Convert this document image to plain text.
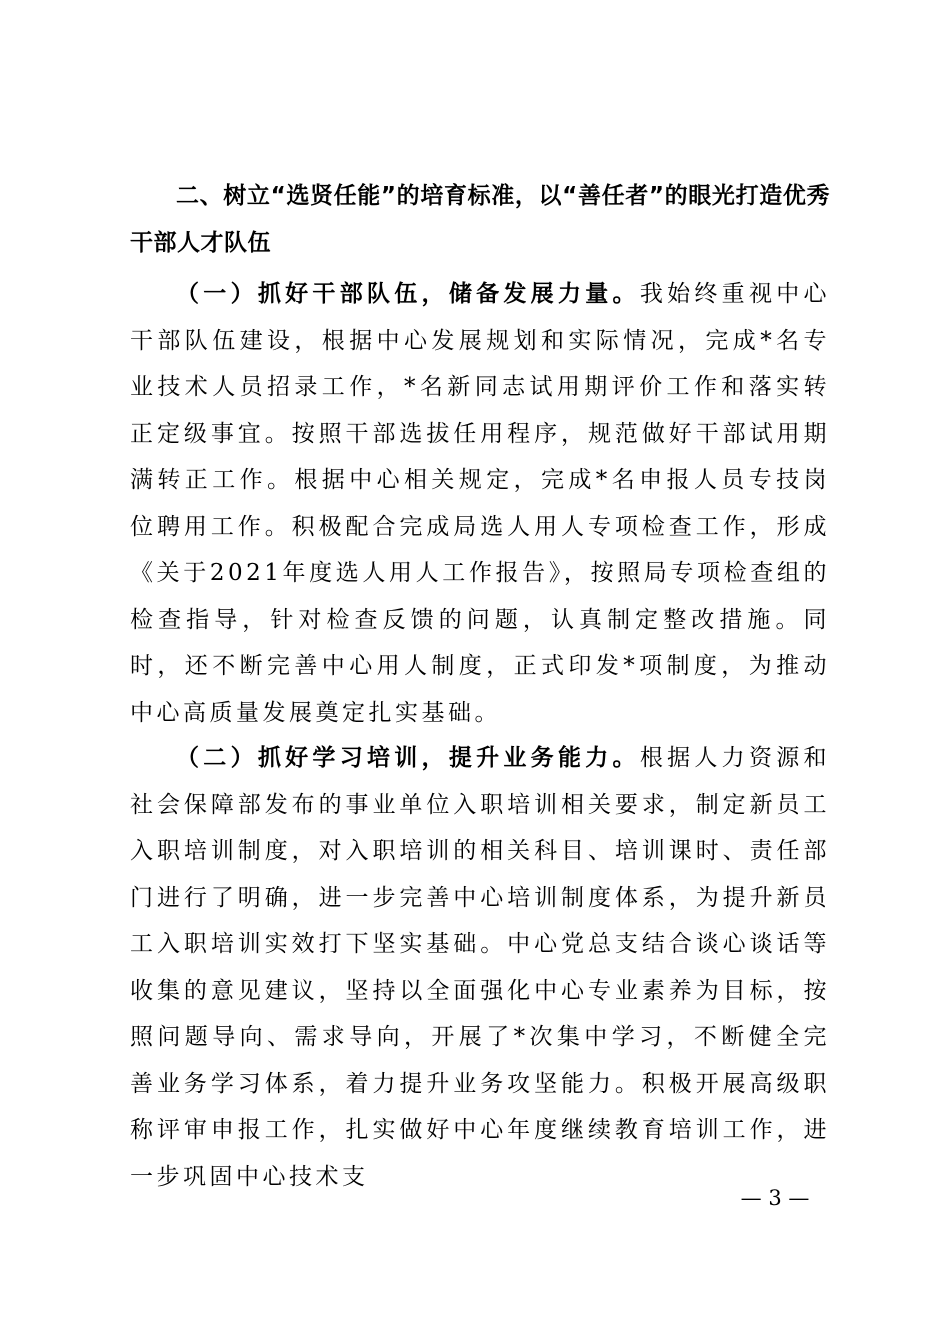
二、树立“选贤任能”的培育标准，以“善任者”的眼光打造优秀干部人才队伍
（一）抓好干部队伍，储备发展力量。我始终重视中心干部队伍建设，根据中心发展规划和实际情况，完成*名专业技术人员招录工作，*名新同志试用期评价工作和落实转正定级事宜。按照干部选拔任用程序，规范做好干部试用期满转正工作。根据中心相关规定，完成*名申报人员专技岗位聘用工作。积极配合完成局选人用人专项检查工作，形成《关于2021年度选人用人工作报告》，按照局专项检查组的检查指导，针对检查反馈的问题，认真制定整改措施。同时，还不断完善中心用人制度，正式印发*项制度，为推动中心高质量发展奠定扎实基础。
（二）抓好学习培训，提升业务能力。根据人力资源和社会保障部发布的事业单位入职培训相关要求，制定新员工入职培训制度，对入职培训的相关科目、培训课时、责任部门进行了明确，进一步完善中心培训制度体系，为提升新员工入职培训实效打下坚实基础。中心党总支结合谈心谈话等收集的意见建议，坚持以全面强化中心专业素养为目标，按照问题导向、需求导向，开展了*次集中学习，不断健全完善业务学习体系，着力提升业务攻坚能力。积极开展高级职称评审申报工作，扎实做好中心年度继续教育培训工作，进一步巩固中心技术支
— 3 —
